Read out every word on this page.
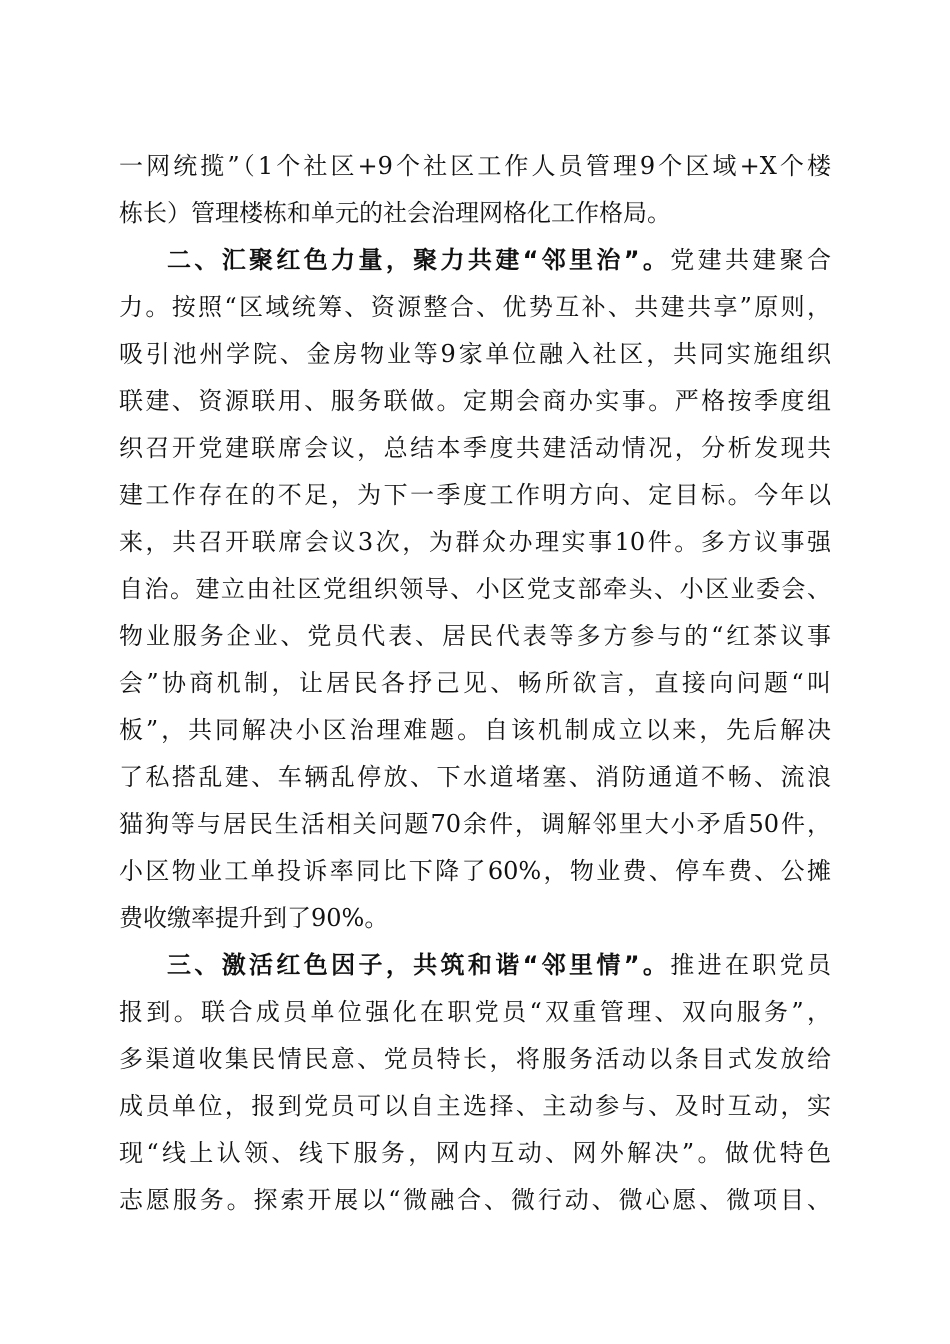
一网统揽”（1个社区+9个社区工作人员管理9个区域+X个楼
栋长）管理楼栋和单元的社会治理网格化工作格局。
二、汇聚红色力量，聚力共建“邻里治”。党建共建聚合
力。按照“区域统筹、资源整合、优势互补、共建共享”原则，
吸引池州学院、金房物业等9家单位融入社区，共同实施组织
联建、资源联用、服务联做。定期会商办实事。严格按季度组
织召开党建联席会议，总结本季度共建活动情况，分析发现共
建工作存在的不足，为下一季度工作明方向、定目标。今年以
来，共召开联席会议3次，为群众办理实事10件。多方议事强
自治。建立由社区党组织领导、小区党支部牵头、小区业委会、
物业服务企业、党员代表、居民代表等多方参与的“红茶议事
会”协商机制，让居民各抒己见、畅所欲言，直接向问题“叫
板”，共同解决小区治理难题。自该机制成立以来，先后解决
了私搭乱建、车辆乱停放、下水道堵塞、消防通道不畅、流浪
猫狗等与居民生活相关问题70余件，调解邻里大小矛盾50件，
小区物业工单投诉率同比下降了60%，物业费、停车费、公摊
费收缴率提升到了90%。
三、激活红色因子，共筑和谐“邻里情”。推进在职党员
报到。联合成员单位强化在职党员“双重管理、双向服务”，
多渠道收集民情民意、党员特长，将服务活动以条目式发放给
成员单位，报到党员可以自主选择、主动参与、及时互动，实
现“线上认领、线下服务，网内互动、网外解决”。做优特色
志愿服务。探索开展以“微融合、微行动、微心愿、微项目、
